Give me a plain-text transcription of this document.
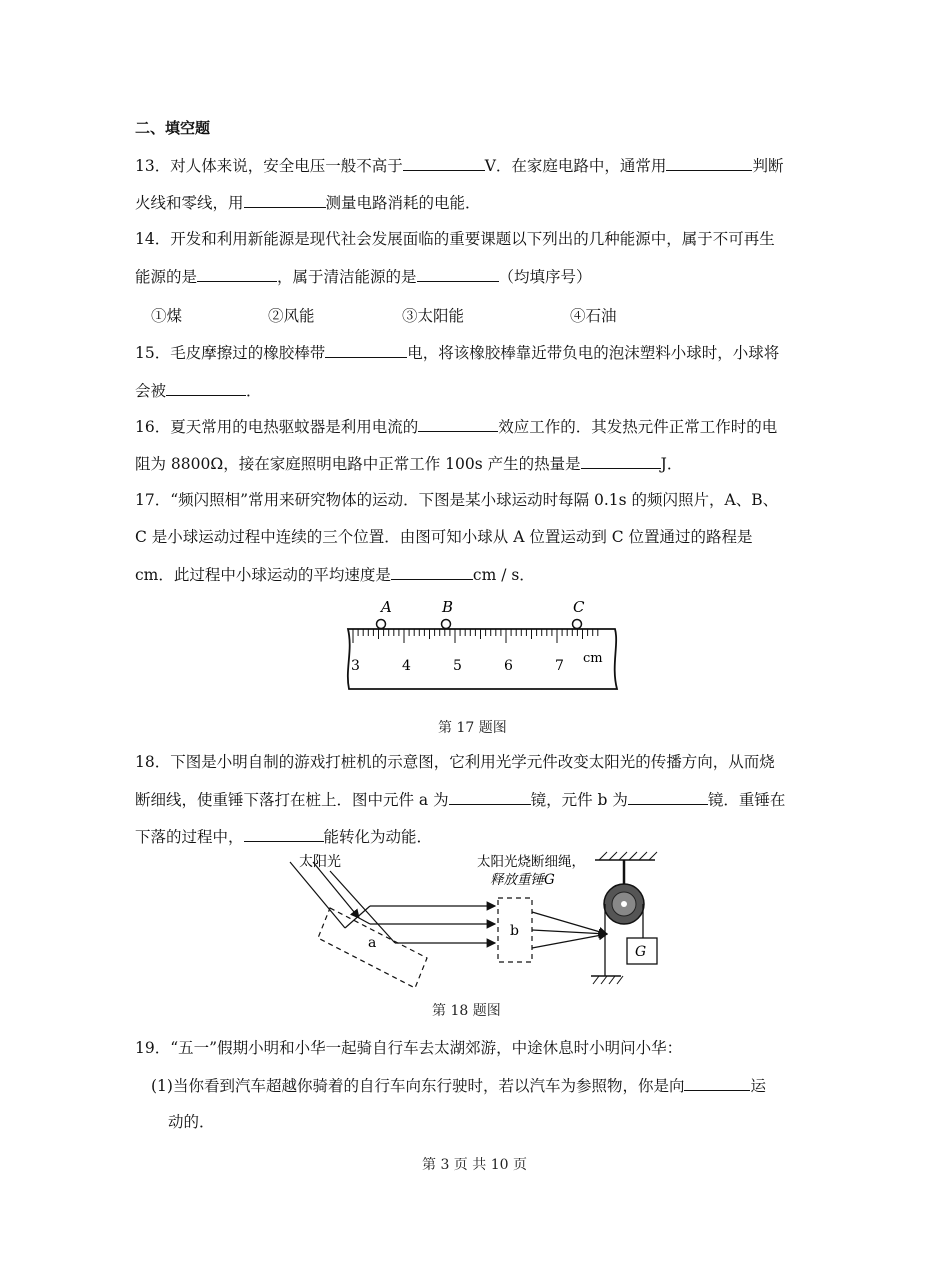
二、填空题
13．对人体来说，安全电压一般不高于	V．在家庭电路中，通常用	判断
火线和零线，用	测量电路消耗的电能．
14．开发和利用新能源是现代社会发展面临的重要课题以下列出的几种能源中，属于不可再生
能源的是	，属于清洁能源的是	（均填序号）
①煤	②风能	③太阳能	④石油
15．毛皮摩擦过的橡胶棒带	电，将该橡胶棒靠近带负电的泡沫塑料小球时，小球将
会被	．
16．夏天常用的电热驱蚊器是利用电流的	效应工作的．其发热元件正常工作时的电
阻为 8800Ω，接在家庭照明电路中正常工作 100s 产生的热量是	J．
17．“频闪照相”常用来研究物体的运动．下图是某小球运动时每隔 0.1s 的频闪照片，A、B、
C 是小球运动过程中连续的三个位置．由图可知小球从 A 位置运动到 C 位置通过的路程是
cm．此过程中小球运动的平均速度是	cm / s．
A	B	C
3	4	5	6	7 cm
第 17 题图
18．下图是小明自制的游戏打桩机的示意图，它利用光学元件改变太阳光的传播方向，从而烧
断细线，使重锤下落打在桩上．图中元件 a 为	镜，元件 b 为	镜．重锤在
下落的过程中，	能转化为动能．
太阳光
a
b
太阳光烧断细绳，
释放重锤G
G
第 18 题图
19．“五一”假期小明和小华一起骑自行车去太湖郊游，中途休息时小明问小华：
(1)当你看到汽车超越你骑着的自行车向东行驶时，若以汽车为参照物，你是向	运
动的．
第 3 页 共 10 页
